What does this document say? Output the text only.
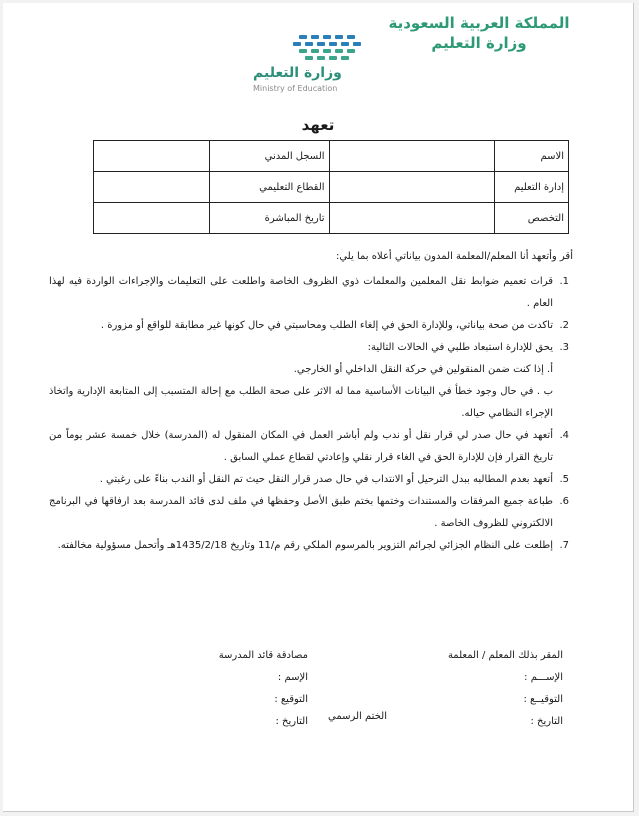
المملكة العربية السعودية
وزارة التعليم
وزارة التعليم
Ministry of Education
تعهد
الاسم		السجل المدني	
إدارة التعليم		القطاع التعليمي	
التخصص		تاريخ المباشرة	
أقر وأتعهد أنا المعلم/المعلمة المدون بياناتي أعلاه بما يلي:
1.
قرات تعميم ضوابط نقل المعلمين والمعلمات ذوي الظروف الخاصة واطلعت على التعليمات والإجراءات الواردة فيه لهذا العام .
2.
تاكدت من صحة بياناتي، وللإدارة الحق في إلغاء الطلب ومحاسبتي في حال كونها غير مطابقة للواقع أو مزورة .
3.
يحق للإدارة استبعاد طلبي في الحالات التالية:
أ. إذا كنت ضمن المنقولين في حركة النقل الداخلي أو الخارجي.
ب . في حال وجود خطأ في البيانات الأساسية مما له الاثر على صحة الطلب مع إحالة المتسبب إلى المتابعة الإدارية واتخاذ الإجراء النظامي حياله.
4.
أتعهد في حال صدر لي قرار نقل أو ندب ولم أباشر العمل في المكان المنقول له (المدرسة) خلال خمسة عشر يوماً من تاريخ القرار فإن للإدارة الحق في الغاء قرار نقلي وإعادتي لقطاع عملي السابق .
5.
أتعهد بعدم المطالبه ببدل الترحيل أو الانتداب في حال صدر قرار النقل حيث تم النقل أو الندب بناءً على رغبتي .
6.
طباعة جميع المرفقات والمستندات وختمها بختم طبق الأصل وحفظها في ملف لدى قائد المدرسة بعد ارفاقها في البرنامج الالكتروني للظروف الخاصة .
7.
إطلعت على النظام الجزائي لجرائم التزوير بالمرسوم الملكي رقم م/11 وتاريخ 1435/2/18هـ وأتحمل مسؤولية مخالفته.
المقر بذلك المعلم / المعلمة
الإســـم :
التوقيــع :
التاريخ :
الختم الرسمي
مصادقة قائد المدرسة
الإسم :
التوقيع :
التاريخ :
